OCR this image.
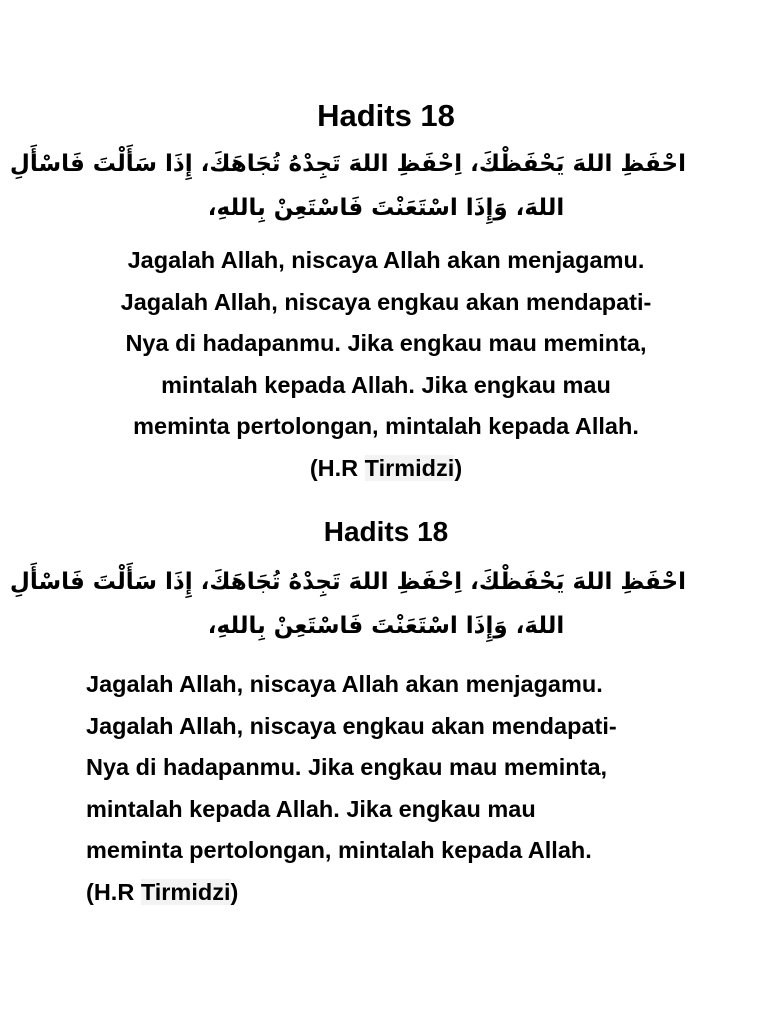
Hadits 18

احْفَظِ اللهَ يَحْفَظْكَ، اِحْفَظِ اللهَ تَجِدْهُ تُجَاهَكَ، إِذَا سَأَلْتَ فَاسْأَلِ
اللهَ، وَإِذَا اسْتَعَنْتَ فَاسْتَعِنْ بِاللهِ،

Jagalah Allah, niscaya Allah akan menjagamu.
Jagalah Allah, niscaya engkau akan mendapati-
Nya di hadapanmu. Jika engkau mau meminta,
mintalah kepada Allah. Jika engkau mau
meminta pertolongan, mintalah kepada Allah.
(H.R Tirmidzi)

Hadits 18

احْفَظِ اللهَ يَحْفَظْكَ، اِحْفَظِ اللهَ تَجِدْهُ تُجَاهَكَ، إِذَا سَأَلْتَ فَاسْأَلِ
اللهَ، وَإِذَا اسْتَعَنْتَ فَاسْتَعِنْ بِاللهِ،

Jagalah Allah, niscaya Allah akan menjagamu.
Jagalah Allah, niscaya engkau akan mendapati-
Nya di hadapanmu. Jika engkau mau meminta,
mintalah kepada Allah. Jika engkau mau
meminta pertolongan, mintalah kepada Allah.
(H.R Tirmidzi)
